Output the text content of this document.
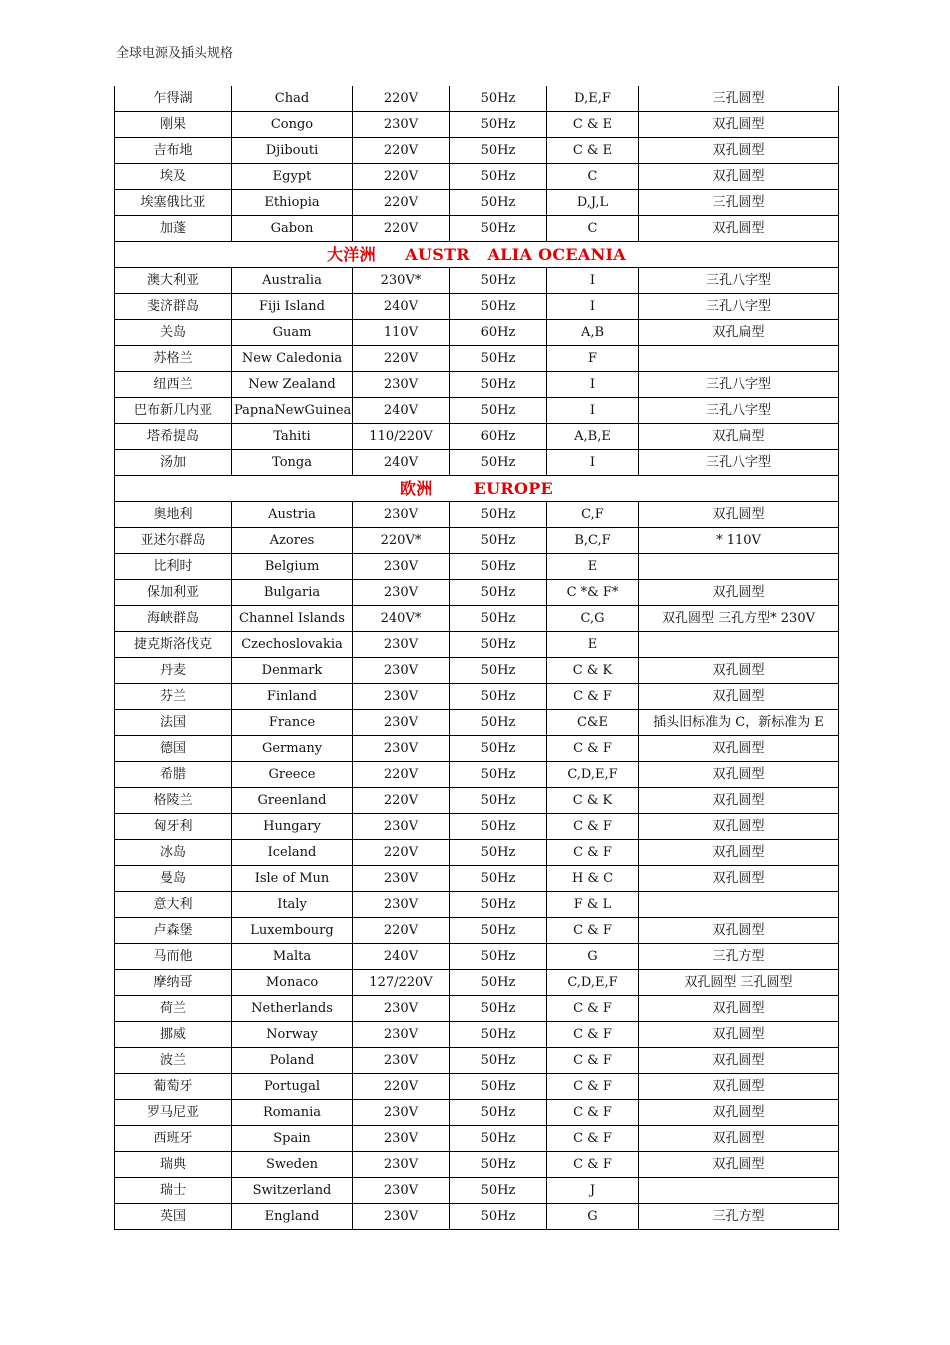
全球电源及插头规格
乍得湖	Chad	220V	50Hz	D,E,F	三孔圆型
刚果	Congo	230V	50Hz	C & E	双孔圆型
吉布地	Djibouti	220V	50Hz	C & E	双孔圆型
埃及	Egypt	220V	50Hz	C	双孔圆型
埃塞俄比亚	Ethiopia	220V	50Hz	D,J,L	三孔圆型
加蓬	Gabon	220V	50Hz	C	双孔圆型
大洋洲     AUSTR   ALIA OCEANIA					
澳大利亚	Australia	230V*	50Hz	I	三孔八字型
斐济群岛	Fiji Island	240V	50Hz	I	三孔八字型
关岛	Guam	110V	60Hz	A,B	双孔扁型
苏格兰	New Caledonia	220V	50Hz	F	
纽西兰	New Zealand	230V	50Hz	I	三孔八字型
巴布新几内亚	PapnaNewGuinea	240V	50Hz	I	三孔八字型
塔希提岛	Tahiti	110/220V	60Hz	A,B,E	双孔扁型
汤加	Tonga	240V	50Hz	I	三孔八字型
欧洲       EUROPE					
奥地利	Austria	230V	50Hz	C,F	双孔圆型
亚述尔群岛	Azores	220V*	50Hz	B,C,F	* 110V
比利时	Belgium	230V	50Hz	E	
保加利亚	Bulgaria	230V	50Hz	C *& F*	双孔圆型
海峡群岛	Channel Islands	240V*	50Hz	C,G	双孔圆型 三孔方型* 230V
捷克斯洛伐克	Czechoslovakia	230V	50Hz	E	
丹麦	Denmark	230V	50Hz	C & K	双孔圆型
芬兰	Finland	230V	50Hz	C & F	双孔圆型
法国	France	230V	50Hz	C&E	插头旧标准为 C，新标准为 E
德国	Germany	230V	50Hz	C & F	双孔圆型
希腊	Greece	220V	50Hz	C,D,E,F	双孔圆型
格陵兰	Greenland	220V	50Hz	C & K	双孔圆型
匈牙利	Hungary	230V	50Hz	C & F	双孔圆型
冰岛	Iceland	220V	50Hz	C & F	双孔圆型
曼岛	Isle of Mun	230V	50Hz	H & C	双孔圆型
意大利	Italy	230V	50Hz	F & L	
卢森堡	Luxembourg	220V	50Hz	C & F	双孔圆型
马而他	Malta	240V	50Hz	G	三孔方型
摩纳哥	Monaco	127/220V	50Hz	C,D,E,F	双孔圆型 三孔圆型
荷兰	Netherlands	230V	50Hz	C & F	双孔圆型
挪威	Norway	230V	50Hz	C & F	双孔圆型
波兰	Poland	230V	50Hz	C & F	双孔圆型
葡萄牙	Portugal	220V	50Hz	C & F	双孔圆型
罗马尼亚	Romania	230V	50Hz	C & F	双孔圆型
西班牙	Spain	230V	50Hz	C & F	双孔圆型
瑞典	Sweden	230V	50Hz	C & F	双孔圆型
瑞士	Switzerland	230V	50Hz	J	
英国	England	230V	50Hz	G	三孔方型
